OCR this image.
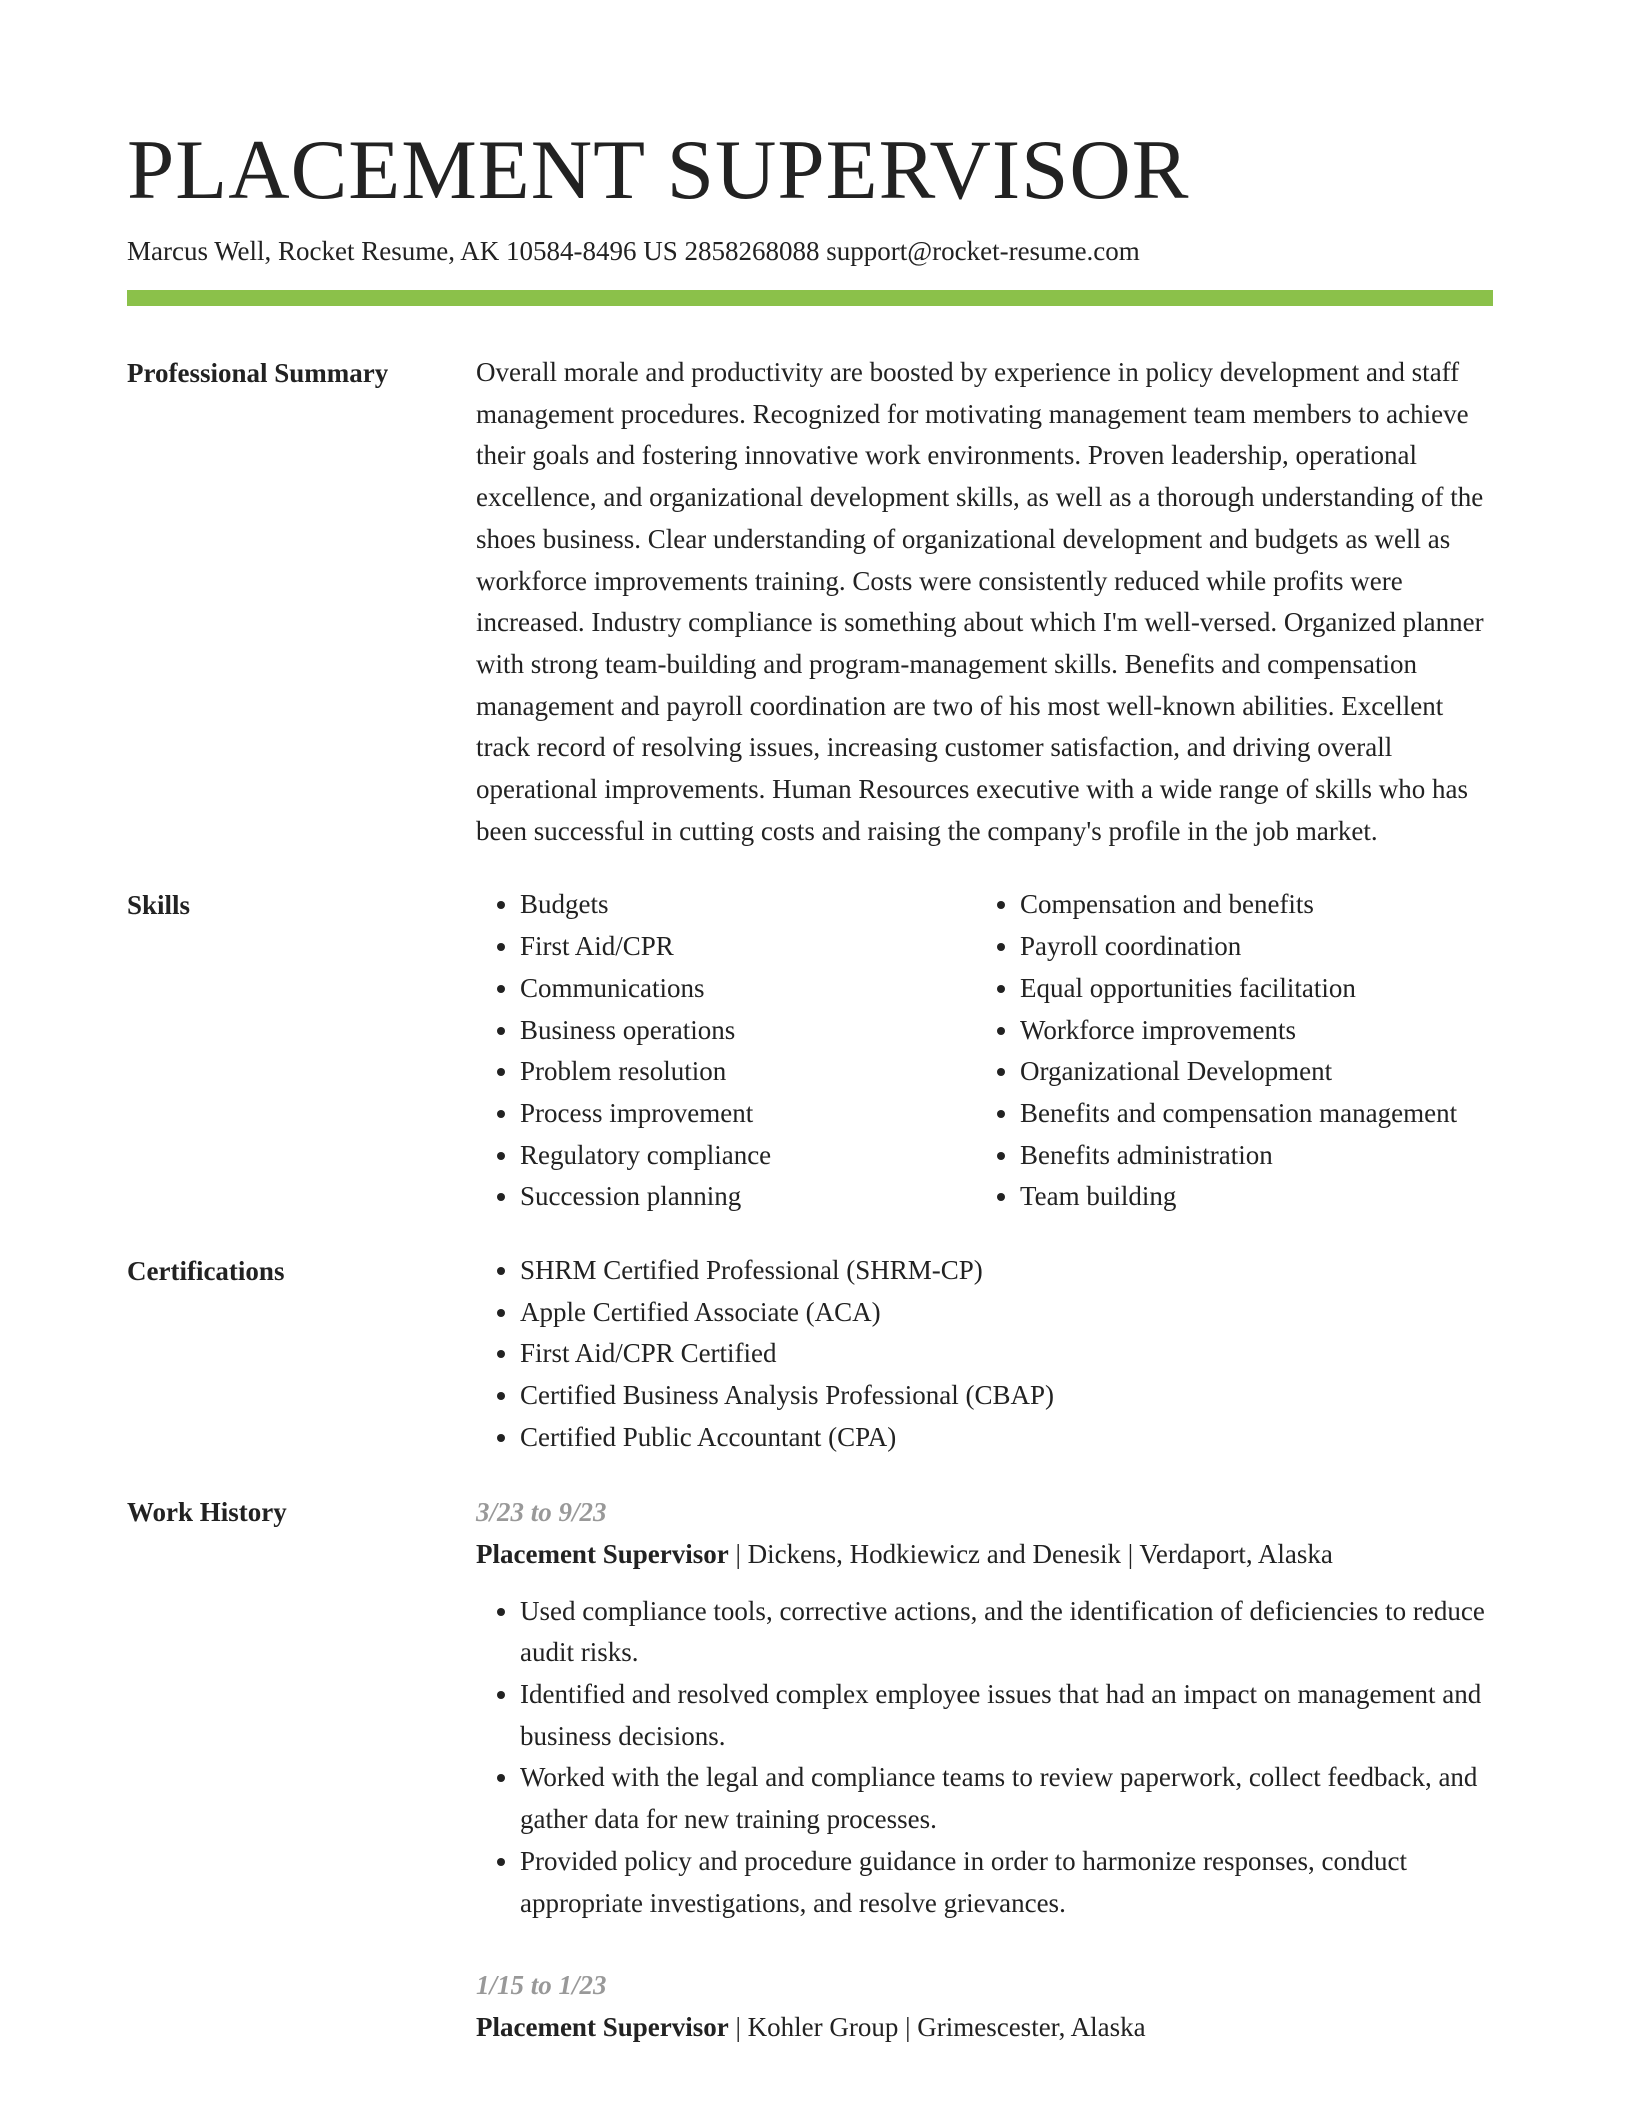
PLACEMENT SUPERVISOR
Marcus Well, Rocket Resume, AK 10584-8496 US 2858268088 support@rocket-resume.com
Professional Summary	Overall morale and productivity are boosted by experience in policy development and staff management procedures. Recognized for motivating management team members to achieve their goals and fostering innovative work environments. Proven leadership, operational excellence, and organizational development skills, as well as a thorough understanding of the shoes business. Clear understanding of organizational development and budgets as well as workforce improvements training. Costs were consistently reduced while profits were increased. Industry compliance is something about which I'm well-versed. Organized planner with strong team-building and program-management skills. Benefits and compensation management and payroll coordination are two of his most well-known abilities. Excellent track record of resolving issues, increasing customer satisfaction, and driving overall operational improvements. Human Resources executive with a wide range of skills who has been successful in cutting costs and raising the company's profile in the job market.

Skills	• Budgets
• First Aid/CPR
• Communications
• Business operations
• Problem resolution
• Process improvement
• Regulatory compliance
• Succession planning
• Compensation and benefits
• Payroll coordination
• Equal opportunities facilitation
• Workforce improvements
• Organizational Development
• Benefits and compensation management
• Benefits administration
• Team building
Certifications	• SHRM Certified Professional (SHRM-CP)
• Apple Certified Associate (ACA)
• First Aid/CPR Certified
• Certified Business Analysis Professional (CBAP)
• Certified Public Accountant (CPA)
Work History	3/23 to 9/23
Placement Supervisor | Dickens, Hodkiewicz and Denesik | Verdaport, Alaska
• Used compliance tools, corrective actions, and the identification of deficiencies to reduce audit risks.
• Identified and resolved complex employee issues that had an impact on management and business decisions.
• Worked with the legal and compliance teams to review paperwork, collect feedback, and gather data for new training processes.
• Provided policy and procedure guidance in order to harmonize responses, conduct appropriate investigations, and resolve grievances.
1/15 to 1/23
Placement Supervisor | Kohler Group | Grimescester, Alaska
